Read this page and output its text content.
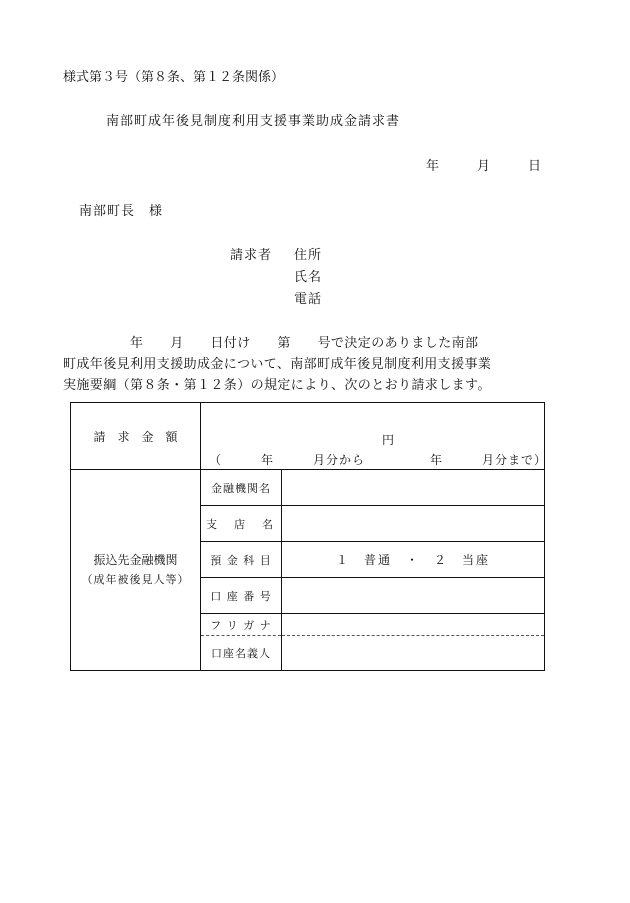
様式第３号（第８条、第１２条関係）
南部町成年後見制度利用支援事業助成金請求書
年　　月　　日
南部町長　様
請求者 住所
氏名
電話
　　　　　年　　月　　日付け　　第　　号で決定のありました南部
町成年後見利用支援助成金について、南部町成年後見制度利用支援事業
実施要綱（第８条・第１２条）の規定により、次のとおり請求します。
請　求　金　額	円
（　　　年　　　月分から　　　　　年　　　月分まで）	

振込先金融機関
（成年被後見人等）	金融機関名	
	支　店　名	
	預 金 科 目	１　普通　・　２　当座
	口 座 番 号	
	フ リ ガ ナ	
	口座名義人	
